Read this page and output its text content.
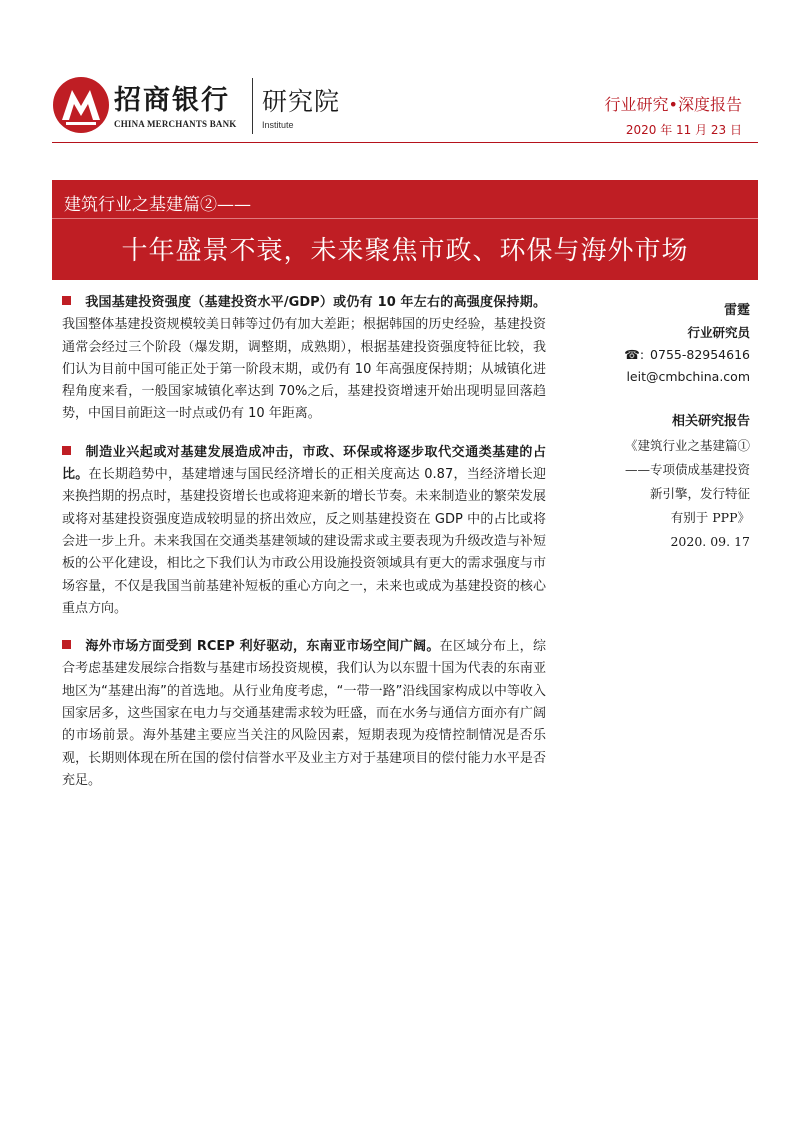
招商银行
CHINA MERCHANTS BANK
研究院
Institute
行业研究•深度报告
2020 年 11 月 23 日
建筑行业之基建篇②——
十年盛景不衰，未来聚焦市政、环保与海外市场

我国基建投资强度（基建投资水平/GDP）或仍有 10 年左右的高强度保持期。我国整体基建投资规模较美日韩等过仍有加大差距；根据韩国的历史经验，基建投资通常会经过三个阶段（爆发期，调整期，成熟期），根据基建投资强度特征比较，我们认为目前中国可能正处于第一阶段末期，或仍有 10 年高强度保持期；从城镇化进程角度来看，一般国家城镇化率达到 70%之后，基建投资增速开始出现明显回落趋势，中国目前距这一时点或仍有 10 年距离。

制造业兴起或对基建发展造成冲击，市政、环保或将逐步取代交通类基建的占比。在长期趋势中，基建增速与国民经济增长的正相关度高达 0.87，当经济增长迎来换挡期的拐点时，基建投资增长也或将迎来新的增长节奏。未来制造业的繁荣发展或将对基建投资强度造成较明显的挤出效应，反之则基建投资在 GDP 中的占比或将会进一步上升。未来我国在交通类基建领域的建设需求或主要表现为升级改造与补短板的公平化建设，相比之下我们认为市政公用设施投资领域具有更大的需求强度与市场容量，不仅是我国当前基建补短板的重心方向之一，未来也或成为基建投资的核心重点方向。

海外市场方面受到 RCEP 利好驱动，东南亚市场空间广阔。在区域分布上，综合考虑基建发展综合指数与基建市场投资规模，我们认为以东盟十国为代表的东南亚地区为“基建出海”的首选地。从行业角度考虑，“一带一路”沿线国家构成以中等收入国家居多，这些国家在电力与交通基建需求较为旺盛，而在水务与通信方面亦有广阔的市场前景。海外基建主要应当关注的风险因素，短期表现为疫情控制情况是否乐观，长期则体现在所在国的偿付信誉水平及业主方对于基建项目的偿付能力水平是否充足。

雷霆

行业研究员

☎: 0755-82954616

leit@cmbchina.com

相关研究报告
《建筑行业之基建篇①
——专项债成基建投资
新引擎，发行特征
有别于 PPP》
2020. 09. 17
